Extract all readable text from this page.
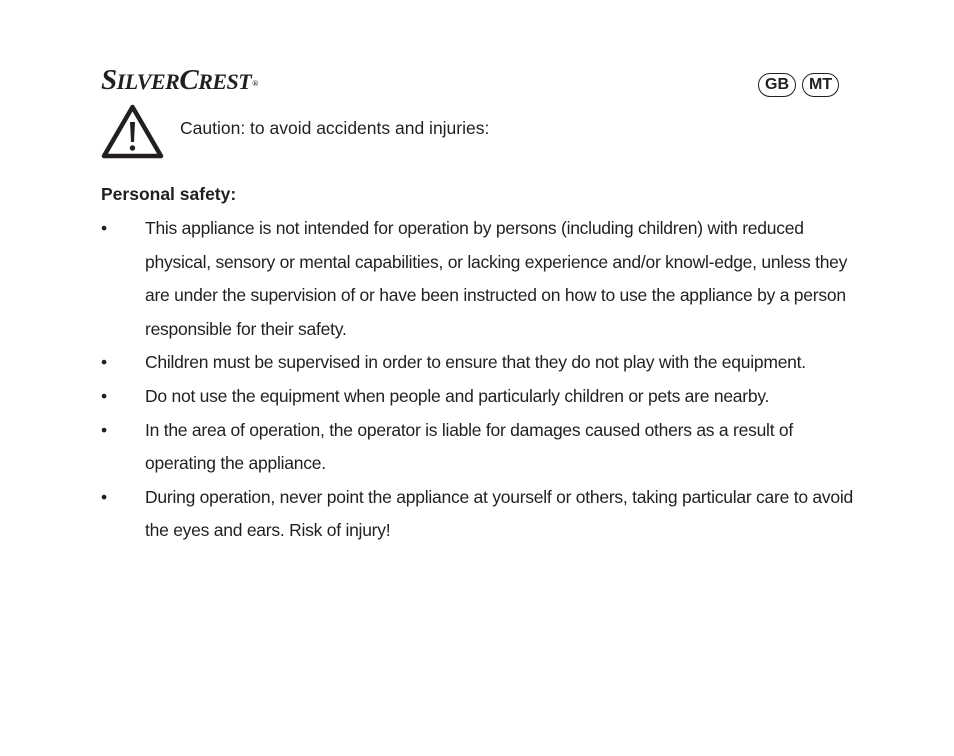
SILVERCREST®	GB	MT
Caution: to avoid accidents and injuries:
Personal safety:
• This appliance is not intended for operation by persons (including children) with reduced physical, sensory or mental capabilities, or lacking experience and/or knowl-edge, unless they are under the supervision of or have been instructed on how to use the appliance by a person responsible for their safety.
• Children must be supervised in order to ensure that they do not play with the equipment.
• Do not use the equipment when people and particularly children or pets are nearby.
• In the area of operation, the operator is liable for damages caused others as a result of operating the appliance.
• During operation, never point the appliance at yourself or others, taking particular care to avoid the eyes and ears. Risk of injury!
